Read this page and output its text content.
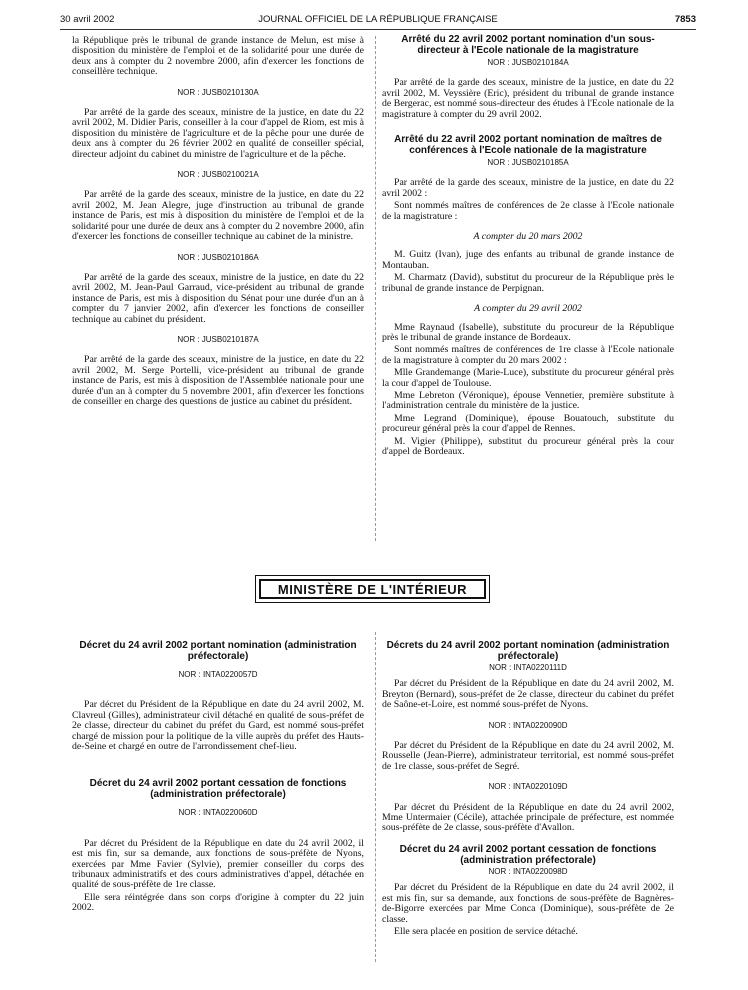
30 avril 2002	JOURNAL OFFICIEL DE LA RÉPUBLIQUE FRANÇAISE	7853

la République près le tribunal de grande instance de Melun, est mise à disposition du ministère de l'emploi et de la solidarité pour une durée de deux ans à compter du 2 novembre 2000, afin d'exercer les fonctions de conseillère technique.

NOR : JUSB0210130A

Par arrêté de la garde des sceaux, ministre de la justice, en date du 22 avril 2002, M. Didier Paris, conseiller à la cour d'appel de Riom, est mis à disposition du ministère de l'agriculture et de la pêche pour une durée de deux ans à compter du 26 février 2002 en qualité de conseiller spécial, directeur adjoint du cabinet du ministre de l'agriculture et de la pêche.

NOR : JUSB0210021A

Par arrêté de la garde des sceaux, ministre de la justice, en date du 22 avril 2002, M. Jean Alegre, juge d'instruction au tribunal de grande instance de Paris, est mis à disposition du ministère de l'emploi et de la solidarité pour une durée de deux ans à compter du 2 novembre 2000, afin d'exercer les fonctions de conseiller technique au cabinet de la ministre.

NOR : JUSB0210186A

Par arrêté de la garde des sceaux, ministre de la justice, en date du 22 avril 2002, M. Jean-Paul Garraud, vice-président au tribunal de grande instance de Paris, est mis à disposition du Sénat pour une durée d'un an à compter du 7 janvier 2002, afin d'exercer les fonctions de conseiller technique au cabinet du président.

NOR : JUSB0210187A

Par arrêté de la garde des sceaux, ministre de la justice, en date du 22 avril 2002, M. Serge Portelli, vice-président au tribunal de grande instance de Paris, est mis à disposition de l'Assemblée nationale pour une durée d'un an à compter du 5 novembre 2001, afin d'exercer les fonctions de conseiller en charge des questions de justice au cabinet du président.

Arrêté du 22 avril 2002 portant nomination d'un sous-directeur à l'Ecole nationale de la magistrature
NOR : JUSB0210184A

Par arrêté de la garde des sceaux, ministre de la justice, en date du 22 avril 2002, M. Veyssière (Eric), président du tribunal de grande instance de Bergerac, est nommé sous-directeur des études à l'Ecole nationale de la magistrature à compter du 29 avril 2002.

Arrêté du 22 avril 2002 portant nomination de maîtres de conférences à l'Ecole nationale de la magistrature
NOR : JUSB0210185A

Par arrêté de la garde des sceaux, ministre de la justice, en date du 22 avril 2002 :

Sont nommés maîtres de conférences de 2e classe à l'Ecole nationale de la magistrature :

A compter du 20 mars 2002

M. Guitz (Ivan), juge des enfants au tribunal de grande instance de Montauban.

M. Charmatz (David), substitut du procureur de la République près le tribunal de grande instance de Perpignan.

A compter du 29 avril 2002

Mme Raynaud (Isabelle), substitute du procureur de la République près le tribunal de grande instance de Bordeaux.

Sont nommés maîtres de conférences de 1re classe à l'Ecole nationale de la magistrature à compter du 20 mars 2002 :

Mlle Grandemange (Marie-Luce), substitute du procureur général près la cour d'appel de Toulouse.

Mme Lebreton (Véronique), épouse Vennetier, première substitute à l'administration centrale du ministère de la justice.

Mme Legrand (Dominique), épouse Bouatouch, substitute du procureur général près la cour d'appel de Rennes.

M. Vigier (Philippe), substitut du procureur général près la cour d'appel de Bordeaux.

MINISTÈRE DE L'INTÉRIEUR
Décret du 24 avril 2002 portant nomination (administration préfectorale)
NOR : INTA0220057D

Par décret du Président de la République en date du 24 avril 2002, M. Clavreul (Gilles), administrateur civil détaché en qualité de sous-préfet de 2e classe, directeur du cabinet du préfet du Gard, est nommé sous-préfet chargé de mission pour la politique de la ville auprès du préfet des Hauts-de-Seine et chargé en outre de l'arrondissement chef-lieu.

Décret du 24 avril 2002 portant cessation de fonctions (administration préfectorale)
NOR : INTA0220060D

Par décret du Président de la République en date du 24 avril 2002, il est mis fin, sur sa demande, aux fonctions de sous-préfète de Nyons, exercées par Mme Favier (Sylvie), premier conseiller du corps des tribunaux administratifs et des cours administratives d'appel, détachée en qualité de sous-préfète de 1re classe.

Elle sera réintégrée dans son corps d'origine à compter du 22 juin 2002.

Décrets du 24 avril 2002 portant nomination (administration préfectorale)
NOR : INTA0220111D

Par décret du Président de la République en date du 24 avril 2002, M. Breyton (Bernard), sous-préfet de 2e classe, directeur du cabinet du préfet de Saône-et-Loire, est nommé sous-préfet de Nyons.

NOR : INTA0220090D

Par décret du Président de la République en date du 24 avril 2002, M. Rousselle (Jean-Pierre), administrateur territorial, est nommé sous-préfet de 1re classe, sous-préfet de Segré.

NOR : INTA0220109D

Par décret du Président de la République en date du 24 avril 2002, Mme Untermaier (Cécile), attachée principale de préfecture, est nommée sous-préfète de 2e classe, sous-préfète d'Avallon.

Décret du 24 avril 2002 portant cessation de fonctions (administration préfectorale)
NOR : INTA0220098D

Par décret du Président de la République en date du 24 avril 2002, il est mis fin, sur sa demande, aux fonctions de sous-préfète de Bagnères-de-Bigorre exercées par Mme Conca (Dominique), sous-préfète de 2e classe.

Elle sera placée en position de service détaché.
